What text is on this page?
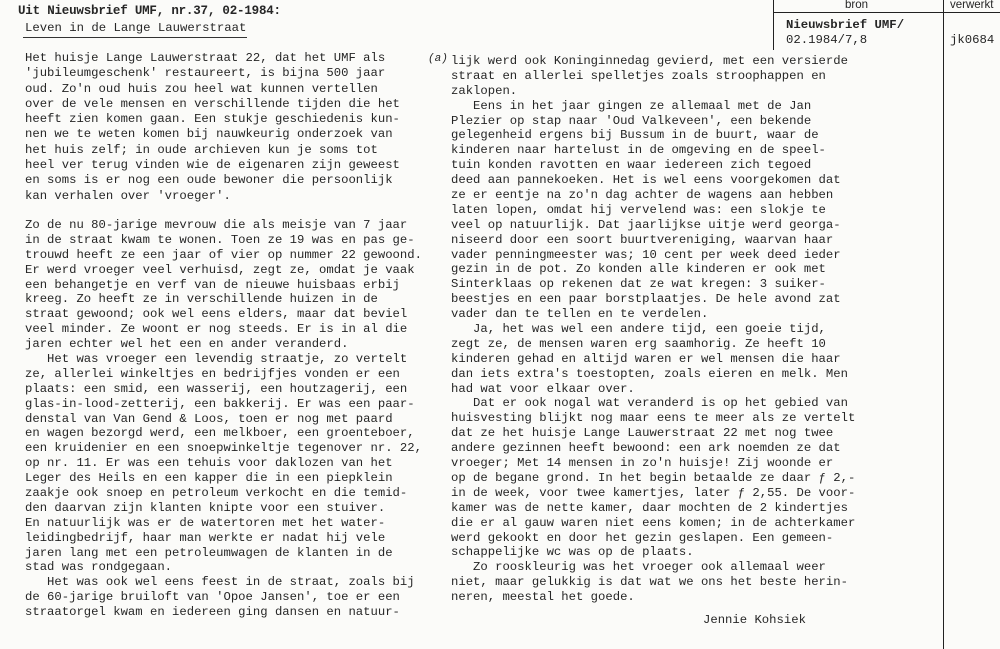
Uit Nieuwsbrief UMF, nr.37, 02-1984:
Leven in de Lange Lauwerstraat
bron	verwerkt
Nieuwsbrief UMF/
02.1984/7,8	jk0684
Het huisje Lange Lauwerstraat 22, dat het UMF als
'jubileumgeschenk' restaureert, is bijna 500 jaar
oud. Zo'n oud huis zou heel wat kunnen vertellen
over de vele mensen en verschillende tijden die het
heeft zien komen gaan. Een stukje geschiedenis kun-
nen we te weten komen bij nauwkeurig onderzoek van
het huis zelf; in oude archieven kun je soms tot
heel ver terug vinden wie de eigenaren zijn geweest
en soms is er nog een oude bewoner die persoonlijk
kan verhalen over 'vroeger'.
Zo de nu 80-jarige mevrouw die als meisje van 7 jaar
in de straat kwam te wonen. Toen ze 19 was en pas ge-
trouwd heeft ze een jaar of vier op nummer 22 gewoond.
Er werd vroeger veel verhuisd, zegt ze, omdat je vaak
een behangetje en verf van de nieuwe huisbaas erbij
kreeg. Zo heeft ze in verschillende huizen in de
straat gewoond; ook wel eens elders, maar dat beviel
veel minder. Ze woont er nog steeds. Er is in al die
jaren echter wel het een en ander veranderd.
Het was vroeger een levendig straatje, zo vertelt
ze, allerlei winkeltjes en bedrijfjes vonden er een
plaats: een smid, een wasserij, een houtzagerij, een
glas-in-lood-zetterij, een bakkerij. Er was een paar-
denstal van Van Gend & Loos, toen er nog met paard
en wagen bezorgd werd, een melkboer, een groenteboer,
een kruidenier en een snoepwinkeltje tegenover nr. 22,
op nr. 11. Er was een tehuis voor daklozen van het
Leger des Heils en een kapper die in een piepklein
zaakje ook snoep en petroleum verkocht en die temid-
den daarvan zijn klanten knipte voor een stuiver.
En natuurlijk was er de watertoren met het water-
leidingbedrijf, haar man werkte er nadat hij vele
jaren lang met een petroleumwagen de klanten in de
stad was rondgegaan.
Het was ook wel eens feest in de straat, zoals bij
de 60-jarige bruiloft van 'Opoe Jansen', toe er een
straatorgel kwam en iedereen ging dansen en natuur-
(a) lijk werd ook Koninginnedag gevierd, met een versierde
straat en allerlei spelletjes zoals stroophappen en
zaklopen.
Eens in het jaar gingen ze allemaal met de Jan
Plezier op stap naar 'Oud Valkeveen', een bekende
gelegenheid ergens bij Bussum in de buurt, waar de
kinderen naar hartelust in de omgeving en de speel-
tuin konden ravotten en waar iedereen zich tegoed
deed aan pannekoeken. Het is wel eens voorgekomen dat
ze er eentje na zo'n dag achter de wagens aan hebben
laten lopen, omdat hij vervelend was: een slokje te
veel op natuurlijk. Dat jaarlijkse uitje werd georga-
niseerd door een soort buurtvereniging, waarvan haar
vader penningmeester was; 10 cent per week deed ieder
gezin in de pot. Zo konden alle kinderen er ook met
Sinterklaas op rekenen dat ze wat kregen: 3 suiker-
beestjes en een paar borstplaatjes. De hele avond zat
vader dan te tellen en te verdelen.
Ja, het was wel een andere tijd, een goeie tijd,
zegt ze, de mensen waren erg saamhorig. Ze heeft 10
kinderen gehad en altijd waren er wel mensen die haar
dan iets extra's toestopten, zoals eieren en melk. Men
had wat voor elkaar over.
Dat er ook nogal wat veranderd is op het gebied van
huisvesting blijkt nog maar eens te meer als ze vertelt
dat ze het huisje Lange Lauwerstraat 22 met nog twee
andere gezinnen heeft bewoond: een ark noemden ze dat
vroeger; Met 14 mensen in zo'n huisje! Zij woonde er
op de begane grond. In het begin betaalde ze daar ƒ 2,-
in de week, voor twee kamertjes, later ƒ 2,55. De voor-
kamer was de nette kamer, daar mochten de 2 kindertjes
die er al gauw waren niet eens komen; in de achterkamer
werd gekookt en door het gezin geslapen. Een gemeen-
schappelijke wc was op de plaats.
Zo rooskleurig was het vroeger ook allemaal weer
niet, maar gelukkig is dat wat we ons het beste herin-
neren, meestal het goede.
Jennie Kohsiek
